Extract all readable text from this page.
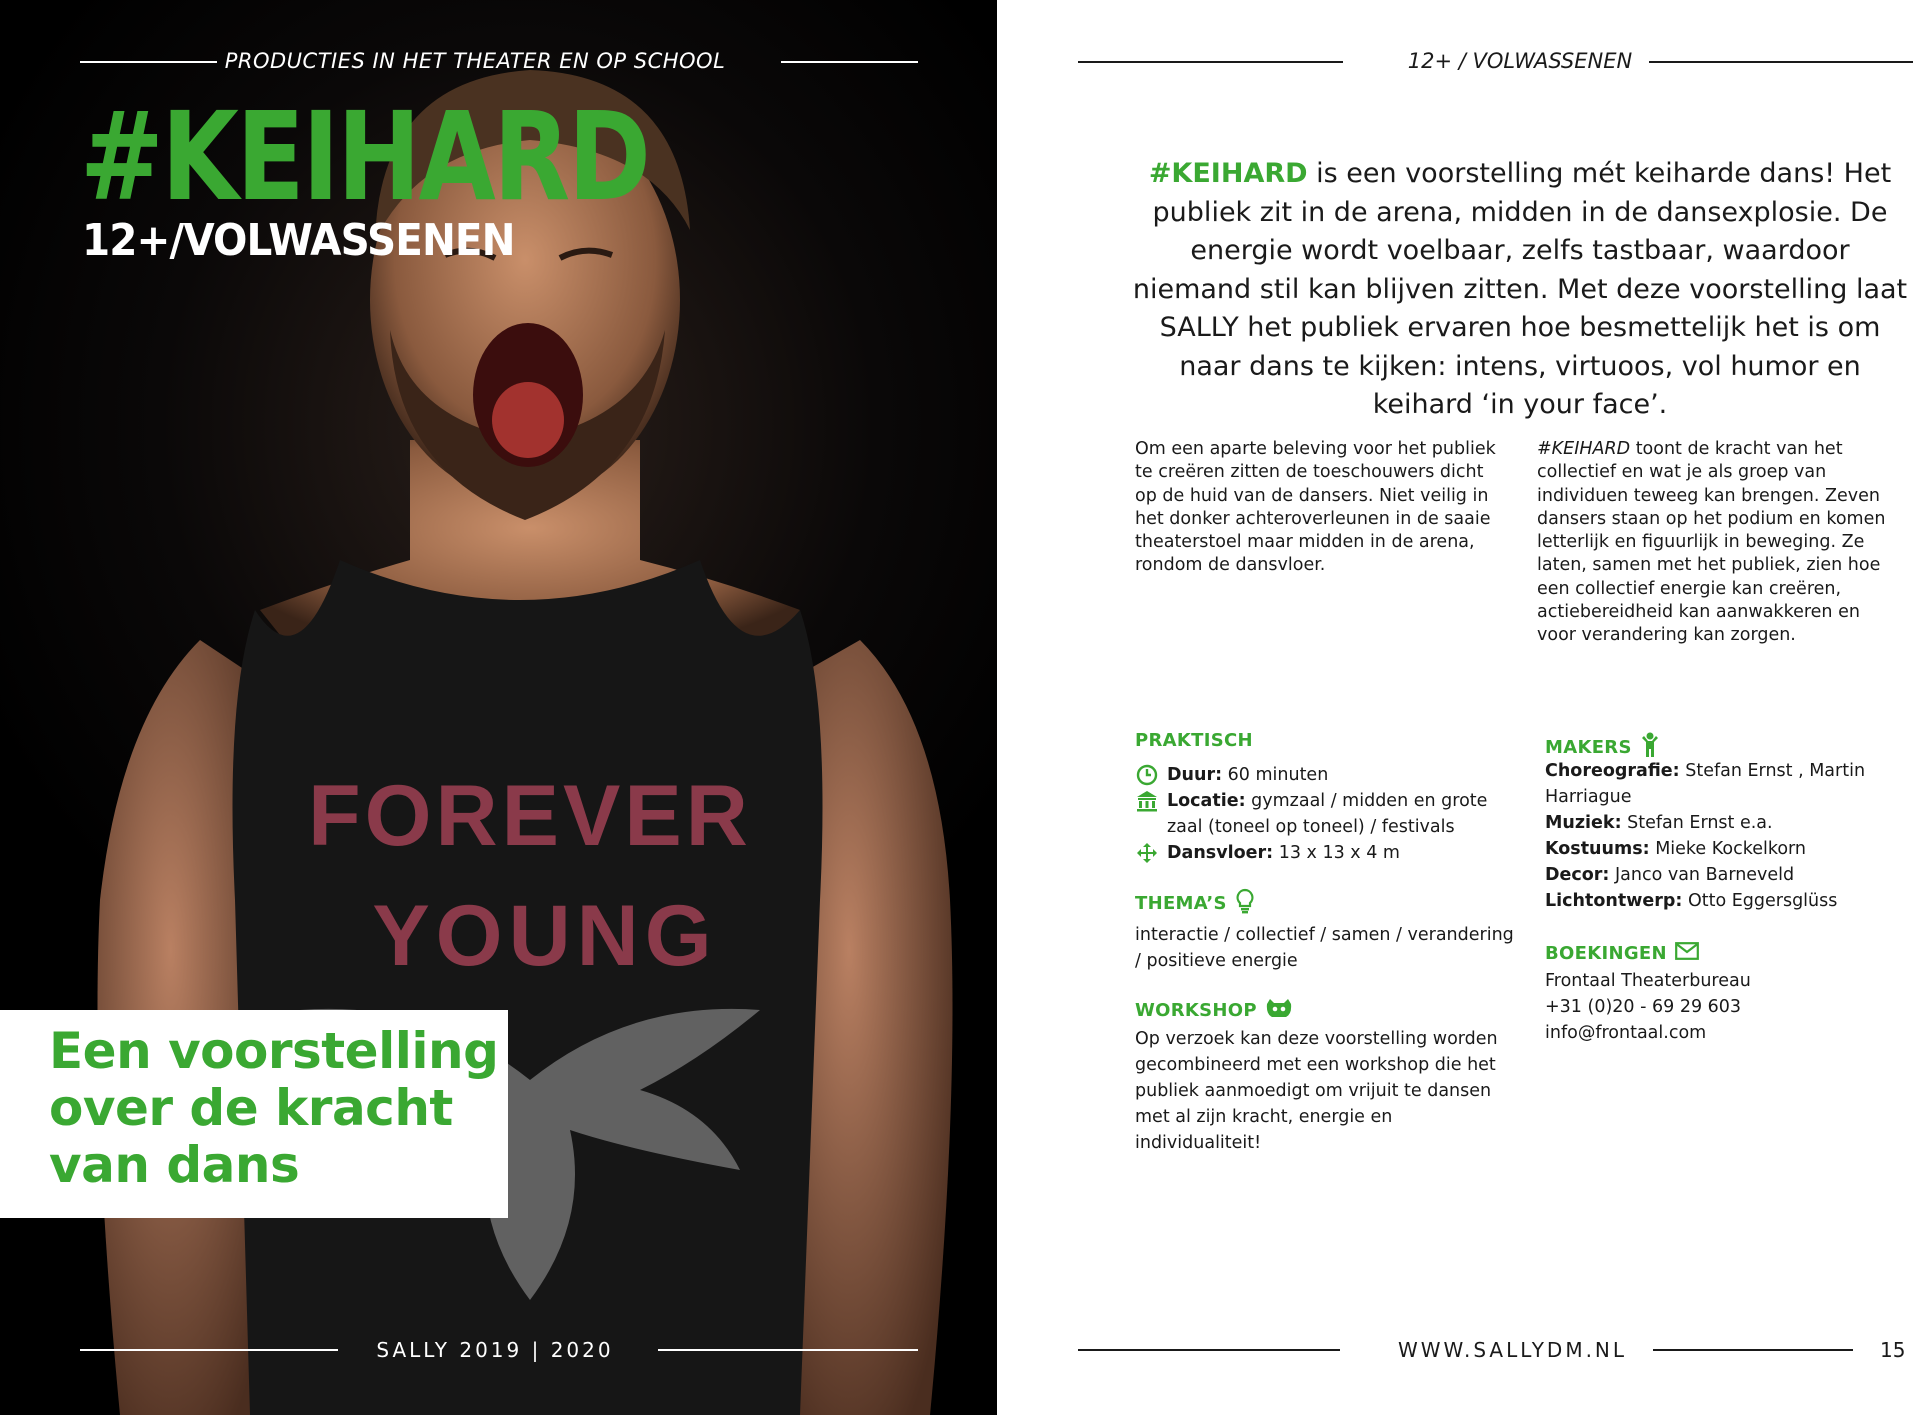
FOREVER
YOUNG
PRODUCTIES IN HET THEATER EN OP SCHOOL
#KEIHARD
12+/VOLWASSENEN
Een voorstelling over de kracht van dans
SALLY 2019 | 2020
12+ / VOLWASSENEN
#KEIHARD is een voorstelling mét keiharde dans! Het publiek zit in de arena, midden in de dansexplosie. De energie wordt voelbaar, zelfs tastbaar, waardoor niemand stil kan blijven zitten. Met deze voorstelling laat SALLY het publiek ervaren hoe besmettelijk het is om naar dans te kijken: intens, virtuoos, vol humor en keihard ‘in your face’.
Om een aparte beleving voor het publiek te creëren zitten de toeschouwers dicht op de huid van de dansers. Niet veilig in het donker achteroverleunen in de saaie theaterstoel maar midden in de arena, rondom de dansvloer.
#KEIHARD toont de kracht van het collectief en wat je als groep van individuen teweeg kan brengen. Zeven dansers staan op het podium en komen letterlijk en figuurlijk in beweging. Ze laten, samen met het publiek, zien hoe een collectief energie kan creëren, actiebereidheid kan aanwakkeren en voor verandering kan zorgen.
PRAKTISCH
Duur: 60 minuten
Locatie: gymzaal / midden en grote zaal (toneel op toneel) / festivals
Dansvloer: 13 x 13 x 4 m
THEMA’S
interactie / collectief / samen / verandering / positieve energie
WORKSHOP
Op verzoek kan deze voorstelling worden gecombineerd met een workshop die het publiek aanmoedigt om vrijuit te dansen met al zijn kracht, energie en individualiteit!
MAKERS
Choreografie: Stefan Ernst , Martin Harriague
Muziek: Stefan Ernst e.a.
Kostuums: Mieke Kockelkorn
Decor: Janco van Barneveld
Lichtontwerp: Otto Eggersglüss
BOEKINGEN
Frontaal Theaterbureau
+31 (0)20 - 69 29 603
info@frontaal.com
WWW.SALLYDM.NL	15
